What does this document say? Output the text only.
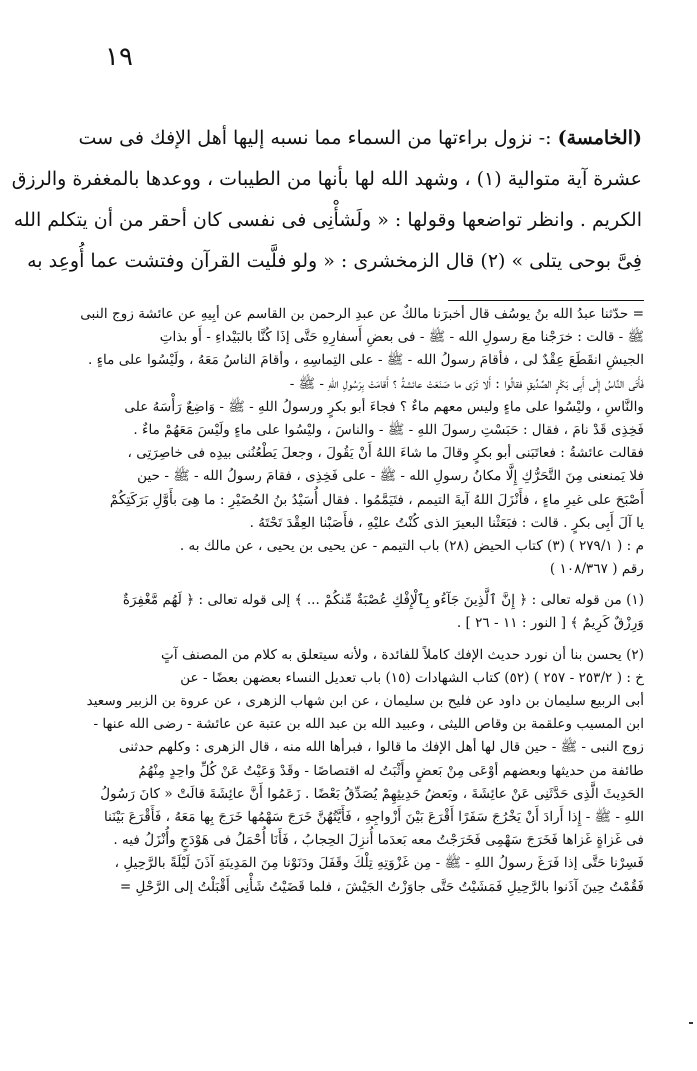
١٩
(الخامسة) :- نزول براءتها من السماء مما نسبه إليها أهل الإفك فى ست
عشرة آية متوالية (١) ، وشهد الله لها بأنها من الطيبات ، ووعدها بالمغفرة والرزق
الكريم . وانظر تواضعها وقولها : « ولَشأْنِى فى نفسى كان أحقر من أن يتكلم الله
فِىَّ بوحى يتلى » (٢) قال الزمخشرى : « ولو فلَّيت القرآن وفتشت عما أُوعِد به
= حدّثنا عبدُ الله بنُ يوسُف قال أخبرَنا مالكٌ عن عبدِ الرحمن بن القاسم عن أبِيهِ عن عائشة زوج النبى
ﷺ - قالت : خرَجْنا معَ رسولِ الله - ﷺ - فى بعضِ أَسفارِهِ حَتَّى إذَا كُنَّا بالبَيْداءِ - أَو بذاتِ
الجيشِ انقَطَعَ عِقْدٌ لى ، فأقامَ رسولُ الله - ﷺ - على التِماسِهِ ، وأقامَ الناسُ مَعَهُ ، ولَيْسُوا على ماءٍ .
فَأَتَى النَّاسُ إِلَى أَبِى بَكْرٍ الصِّدِّيقِ فقالُوا : أَلا تَرَى ما صَنَعَتْ عائشةُ ؟ أَقامَتْ بِرَسُولِ اللهِ - ﷺ -
والنَّاسِ ، وليْسُوا على ماءٍ وليس معهم ماءٌ ؟ فجاءَ أبو بكرٍ ورسولُ اللهِ - ﷺ - وَاضِعٌ رَأْسَهُ على
فَخِذِى قَدْ نامَ ، فقال : حَبَسْتِ رسولَ اللهِ - ﷺ - والناسَ ، وليْسُوا على ماءٍ ولَيْسَ مَعَهُمْ ماءٌ .
فقالت عائشةُ : فعاتَبَنى أبو بكرٍ وقالَ ما شاءَ اللهُ أَنْ يَقُولَ ، وجعلَ يَطْعُنُنى بيدِه فى خاصِرَتِى ،
فلا يَمنعنى مِنَ التَّحَرُّكِ إِلَّا مكانُ رسولِ الله - ﷺ - على فَخِذِى ، فقامَ رسولُ الله - ﷺ - حين
أَصْبَحَ على غيرِ ماءٍ ، فأَنْزَلَ اللهُ آيةَ التيمم ، فتَيَمَّمُوا . فقال أُسَيْدُ بنُ الحُضَيْرِ : ما هِىَ بأَوَّلِ بَرَكَتِكُمْ
يا آلَ أَبِى بكرٍ . قالت : فبَعَثْنا البعيرَ الذى كُنْتُ عليْهِ ، فأَصَبْنا العِقْدَ تَحْتَهُ .
م : ( ٢٧٩/١ ) (٣) كتاب الحيض (٢٨) باب التيمم - عن يحيى بن يحيى ، عن مالك به .
رقم ( ١٠٨/٣٦٧ )
(١) من قوله تعالى : ﴿ إِنَّ ٱلَّذِينَ جَآءُو بِٱلْإِفْكِ عُصْبَةٌ مِّنكُمْ ... ﴾ إلى قوله تعالى : ﴿ لَهُم مَّغْفِرَةٌ
وَرِزْقٌ كَرِيمٌ ﴾ [ النور : ١١ - ٢٦ ] .
(٢) يحسن بنا أن نورد حديث الإفك كاملاً للفائدة ، ولأنه سيتعلق به كلام من المصنف آتٍ
خ : ( ٢٥٣/٢ - ٢٥٧ ) (٥٢) كتاب الشهادات (١٥) باب تعديل النساء بعضهن بعضًا - عن
أبى الربيع سليمان بن داود عن فليح بن سليمان ، عن ابن شهاب الزهرى ، عن عروة بن الزبير وسعيد
ابن المسيب وعلقمة بن وقاص الليثى ، وعبيد الله بن عبد الله بن عتبة عن عائشة - رضى الله عنها -
زوج النبى - ﷺ - حين قال لها أهل الإفك ما قالوا ، فبرأها الله منه ، قال الزهرى : وكلهم حدثنى
طائفة من حديثها وبعضهم أوْعَى مِنْ بَعضٍ وأَثْبَتُ له اقتصاصًا - وقَدْ وَعَيْتُ عَنْ كُلِّ واحِدٍ مِنْهُمُ
الحَدِيثَ الَّذِى حَدَّثَنِى عَنْ عائِشَةَ ، وبَعضُ حَدِيثِهِمْ يُصَدِّقُ بَعْضًا . زَعَمُوا أَنَّ عائِشَةَ قالَتْ « كانَ رَسُولُ
اللهِ - ﷺ - إِذا أَرادَ أَنْ يَخْرُجَ سَفَرًا أَقْرَعَ بَيْنَ أَزْواجِهِ ، فَأَيَّتُهُنَّ خَرَجَ سَهْمُها خَرَجَ بِها مَعَهُ ، فَأَقْرَعَ بَيْنَنا
فى غَزاةٍ غَزاها فَخَرَجَ سَهْمِى فَخَرَجْتُ معه بَعدَما أُنزِلَ الحِجابُ ، فَأَنَا أُحْمَلُ فى هَوْدَجٍ وأُنْزَلُ فيه .
فَسِرْنا حَتَّى إذا فَرَغَ رسولُ اللهِ - ﷺ - مِن غَزْوَتِهِ تِلْكَ وقَفَلَ ودَنَوْنا مِنَ المَدِينَةِ آذَنَ لَيْلَةً بالرَّحِيلِ ،
فَقُمْتُ حِينَ آذَنوا بالرَّحِيلِ فَمَشَيْتُ حَتَّى جاوَزْتُ الجَيْشَ ، فلما قَضَيْتُ شَأْنِى أَقْبَلْتُ إلى الرَّحْلِ =
